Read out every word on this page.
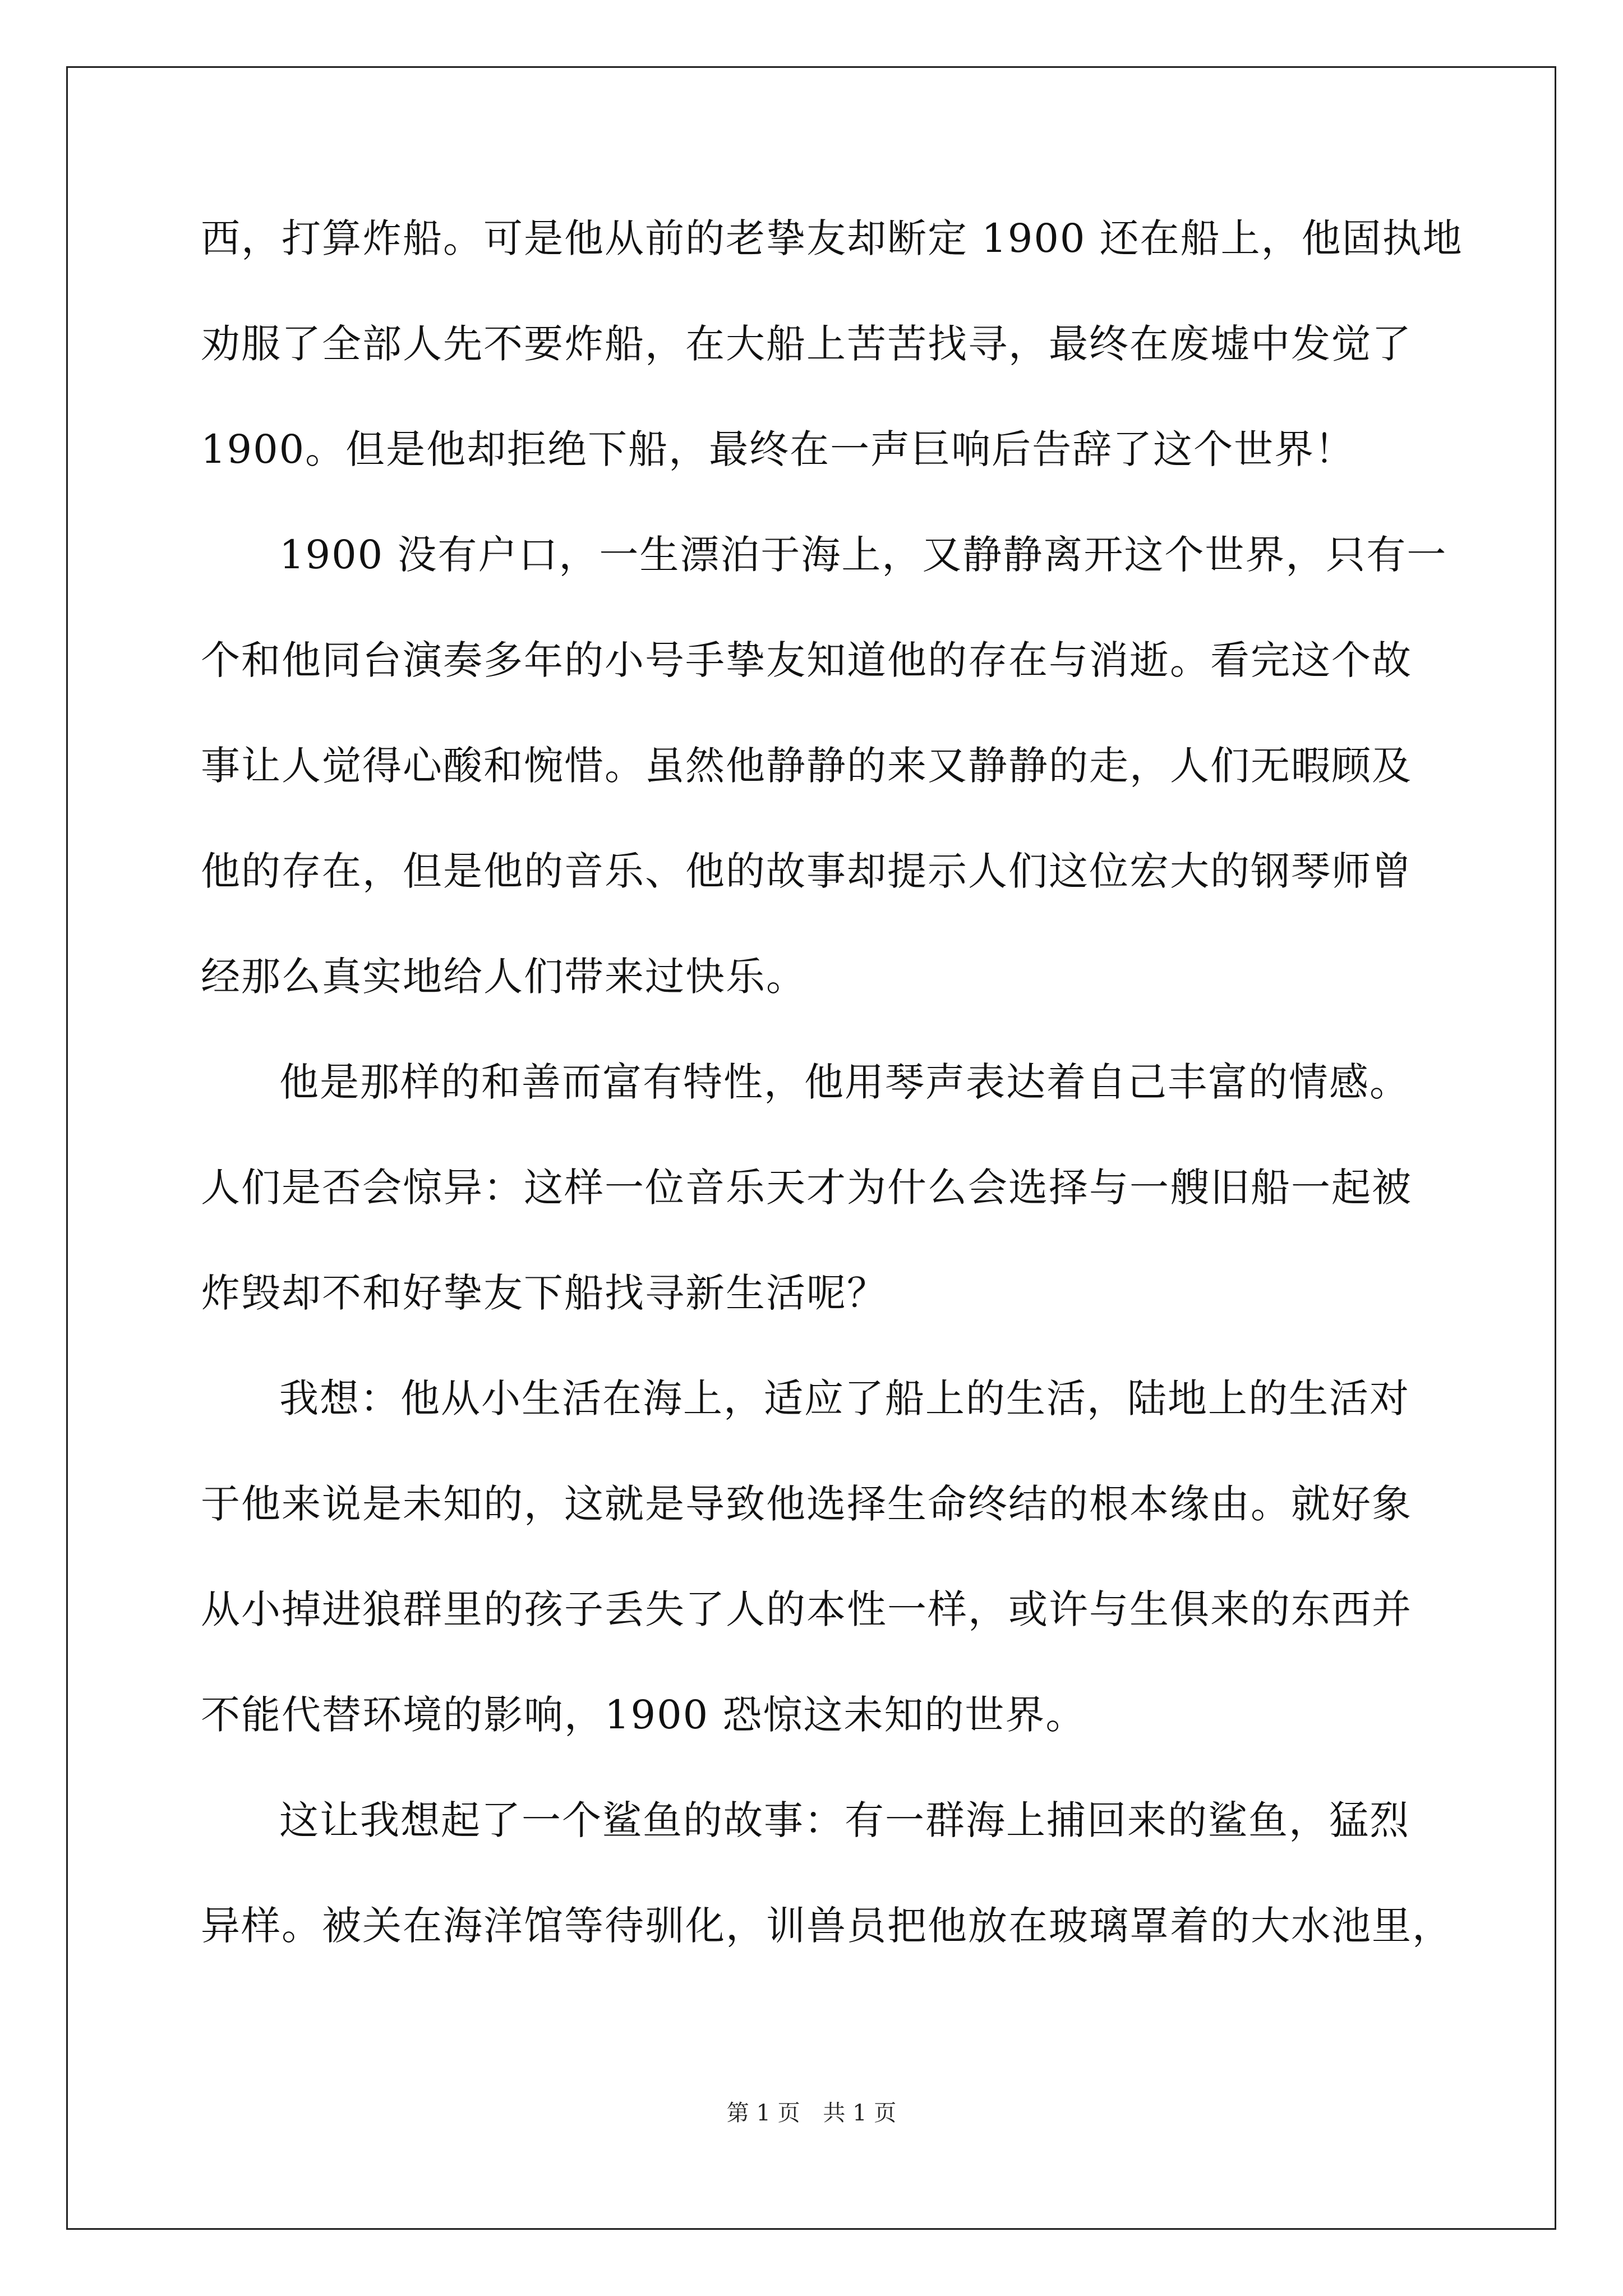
西，打算炸船。可是他从前的老挚友却断定 1900 还在船上，他固执地
劝服了全部人先不要炸船，在大船上苦苦找寻，最终在废墟中发觉了
1900。但是他却拒绝下船，最终在一声巨响后告辞了这个世界！
1900 没有户口，一生漂泊于海上，又静静离开这个世界，只有一
个和他同台演奏多年的小号手挚友知道他的存在与消逝。看完这个故
事让人觉得心酸和惋惜。虽然他静静的来又静静的走，人们无暇顾及
他的存在，但是他的音乐、他的故事却提示人们这位宏大的钢琴师曾
经那么真实地给人们带来过快乐。
他是那样的和善而富有特性，他用琴声表达着自己丰富的情感。
人们是否会惊异：这样一位音乐天才为什么会选择与一艘旧船一起被
炸毁却不和好挚友下船找寻新生活呢？
我想：他从小生活在海上，适应了船上的生活，陆地上的生活对
于他来说是未知的，这就是导致他选择生命终结的根本缘由。就好象
从小掉进狼群里的孩子丢失了人的本性一样，或许与生俱来的东西并
不能代替环境的影响，1900 恐惊这未知的世界。
这让我想起了一个鲨鱼的故事：有一群海上捕回来的鲨鱼，猛烈
异样。被关在海洋馆等待驯化，训兽员把他放在玻璃罩着的大水池里，
第 1 页 共 1 页
